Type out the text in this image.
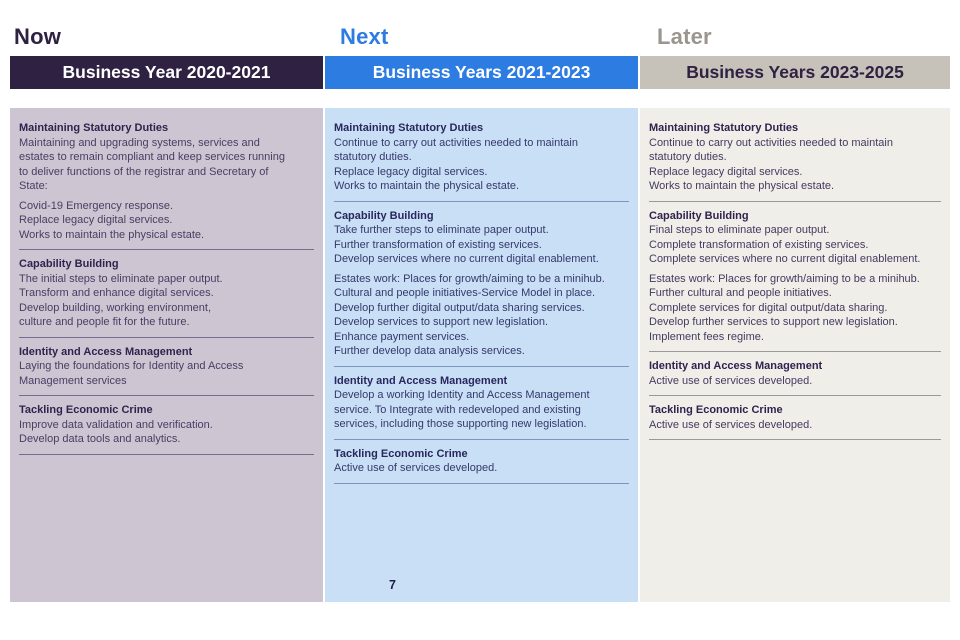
Now
Business Year 2020-2021
Maintaining Statutory Duties
Maintaining and upgrading systems, services and
estates to remain compliant and keep services running
to deliver functions of the registrar and Secretary of
State:
Covid-19 Emergency response.
Replace legacy digital services.
Works to maintain the physical estate.
Capability Building
The initial steps to eliminate paper output.
Transform and enhance digital services.
Develop building, working environment,
culture and people fit for the future.
Identity and Access Management
Laying the foundations for Identity and Access
Management services
Tackling Economic Crime
Improve data validation and verification.
Develop data tools and analytics.
Next
Business Years 2021-2023
Maintaining Statutory Duties
Continue to carry out activities needed to maintain
statutory duties.
Replace legacy digital services.
Works to maintain the physical estate.
Capability Building
Take further steps to eliminate paper output.
Further transformation of existing services.
Develop services where no current digital enablement.
Estates work: Places for growth/aiming to be a minihub.
Cultural and people initiatives-Service Model in place.
Develop further digital output/data sharing services.
Develop services to support new legislation.
Enhance payment services.
Further develop data analysis services.
Identity and Access Management
Develop a working Identity and Access Management
service. To Integrate with redeveloped and existing
services, including those supporting new legislation.
Tackling Economic Crime
Active use of services developed.
7
Later
Business Years 2023-2025
Maintaining Statutory Duties
Continue to carry out activities needed to maintain
statutory duties.
Replace legacy digital services.
Works to maintain the physical estate.
Capability Building
Final steps to eliminate paper output.
Complete transformation of existing services.
Complete services where no current digital enablement.
Estates work: Places for growth/aiming to be a minihub.
Further cultural and people initiatives.
Complete services for digital output/data sharing.
Develop further services to support new legislation.
Implement fees regime.
Identity and Access Management
Active use of services developed.
Tackling Economic Crime
Active use of services developed.
